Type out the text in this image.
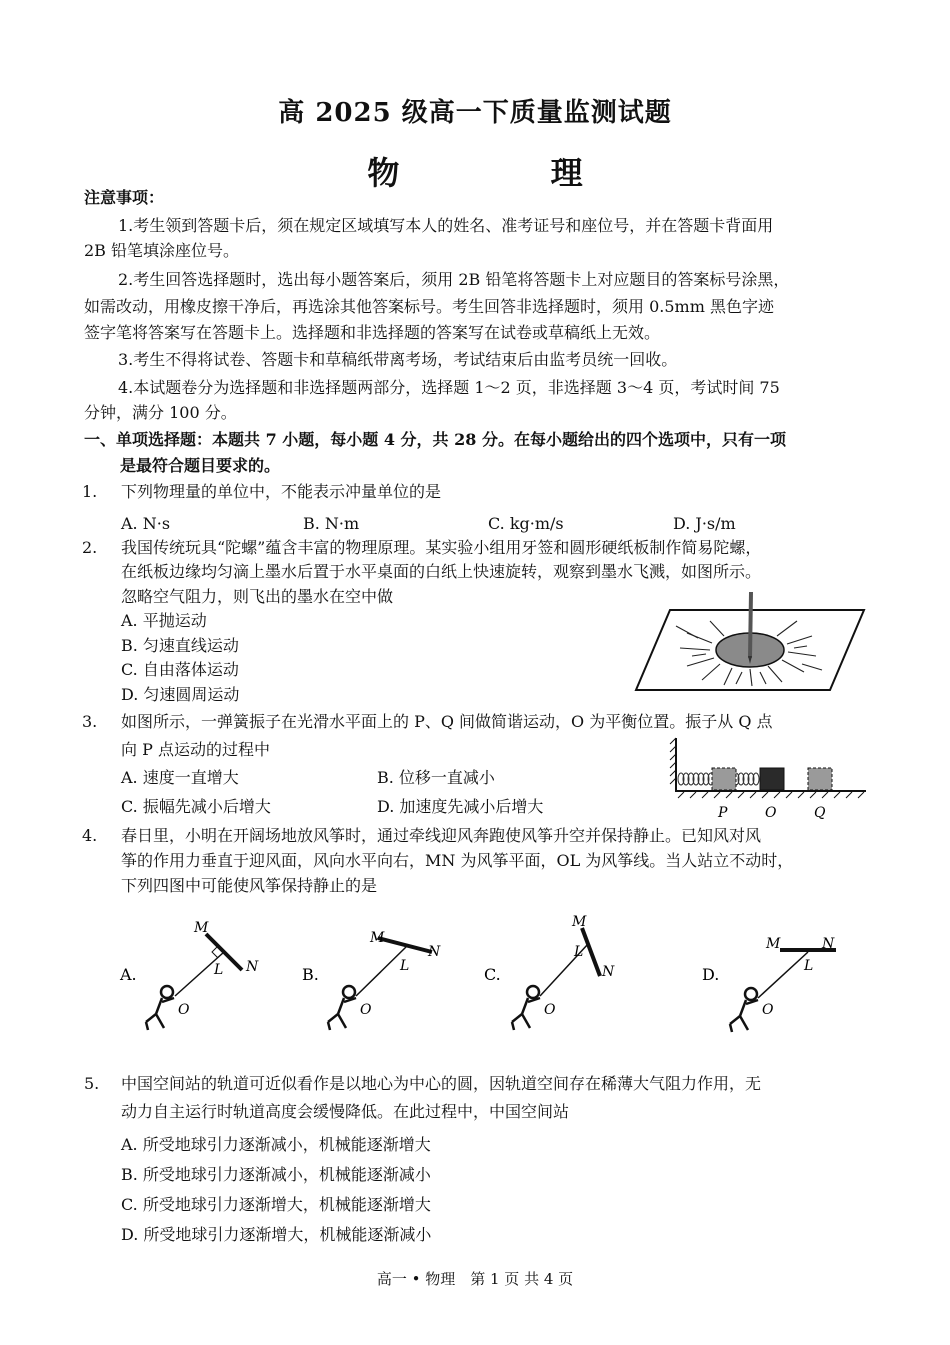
高 2025 级高一下质量监测试题
物 理
注意事项：
1.考生领到答题卡后，须在规定区域填写本人的姓名、准考证号和座位号，并在答题卡背面用
2B 铅笔填涂座位号。
2.考生回答选择题时，选出每小题答案后，须用 2B 铅笔将答题卡上对应题目的答案标号涂黑，
如需改动，用橡皮擦干净后，再选涂其他答案标号。考生回答非选择题时，须用 0.5mm 黑色字迹
签字笔将答案写在答题卡上。选择题和非选择题的答案写在试卷或草稿纸上无效。
3.考生不得将试卷、答题卡和草稿纸带离考场，考试结束后由监考员统一回收。
4.本试题卷分为选择题和非选择题两部分，选择题 1～2 页，非选择题 3～4 页，考试时间 75
分钟，满分 100 分。
一、单项选择题：本题共 7 小题，每小题 4 分，共 28 分。在每小题给出的四个选项中，只有一项
是最符合题目要求的。
1. 下列物理量的单位中，不能表示冲量单位的是
A. N·s	B. N·m	C. kg·m/s	D. J·s/m
2. 我国传统玩具“陀螺”蕴含丰富的物理原理。某实验小组用牙签和圆形硬纸板制作简易陀螺，
在纸板边缘均匀滴上墨水后置于水平桌面的白纸上快速旋转，观察到墨水飞溅，如图所示。
忽略空气阻力，则飞出的墨水在空中做
A. 平抛运动
B. 匀速直线运动
C. 自由落体运动
D. 匀速圆周运动
3. 如图所示，一弹簧振子在光滑水平面上的 P、Q 间做简谐运动，O 为平衡位置。振子从 Q 点
向 P 点运动的过程中
A. 速度一直增大	B. 位移一直减小
C. 振幅先减小后增大	D. 加速度先减小后增大	P	O	Q
4. 春日里，小明在开阔场地放风筝时，通过牵线迎风奔跑使风筝升空并保持静止。已知风对风
筝的作用力垂直于迎风面，风向水平向右，MN 为风筝平面，OL 为风筝线。当人站立不动时，
下列四图中可能使风筝保持静止的是
A.
M
N
L
O
B.
M
N
L
O
C.
M
N
L
O
D.
M	N
L
O
5. 中国空间站的轨道可近似看作是以地心为中心的圆，因轨道空间存在稀薄大气阻力作用，无
动力自主运行时轨道高度会缓慢降低。在此过程中，中国空间站
A. 所受地球引力逐渐减小，机械能逐渐增大
B. 所受地球引力逐渐减小，机械能逐渐减小
C. 所受地球引力逐渐增大，机械能逐渐增大
D. 所受地球引力逐渐增大，机械能逐渐减小
高一 • 物理　第 1 页 共 4 页
